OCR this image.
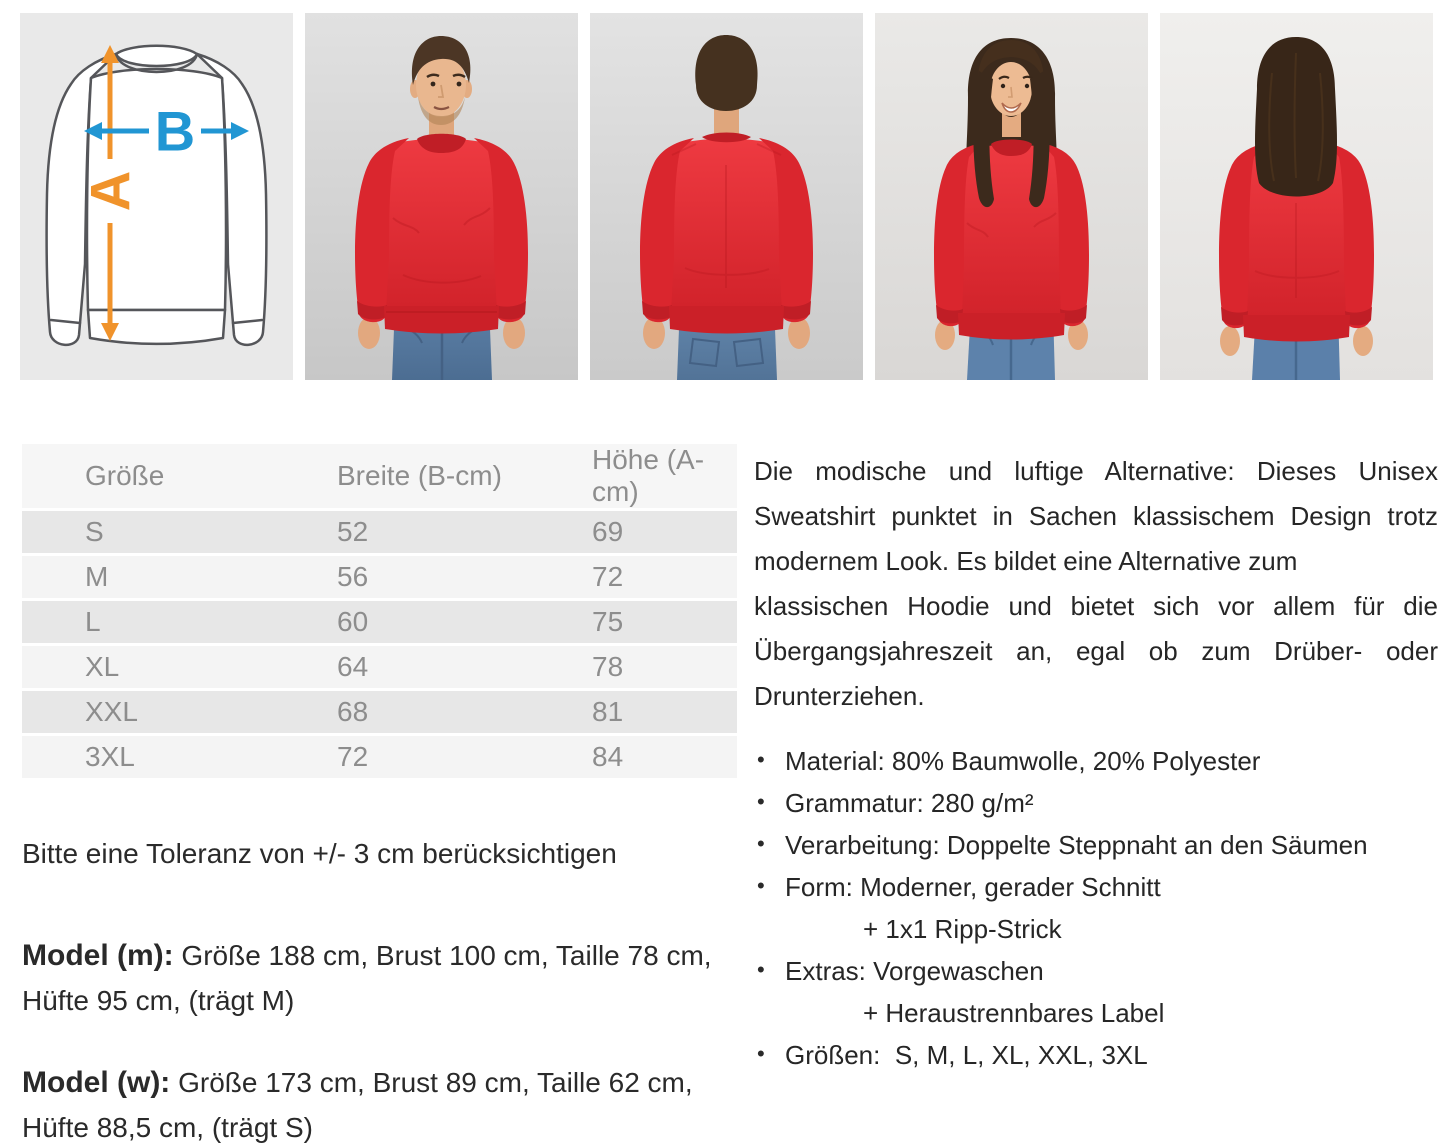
A
B
Größe	Breite (B-cm)	Höhe (A-cm)
S	52	69
M	56	72
L	60	75
XL	64	78
XXL	68	81
3XL	72	84

Bitte eine Toleranz von +/- 3 cm berücksichtigen

Model (m): Größe 188 cm, Brust 100 cm, Taille 78 cm, Hüfte 95 cm, (trägt M)

Model (w): Größe 173 cm, Brust 89 cm, Taille 62 cm, Hüfte 88,5 cm, (trägt S)

Die modische und luftige Alternative: Dieses Unisex
Sweatshirt punktet in Sachen klassischem Design trotz
modernem Look. Es bildet eine Alternative zum
klassischen Hoodie und bietet sich vor allem für die
Übergangsjahreszeit an, egal ob zum Drüber- oder
Drunterziehen.
• Material: 80% Baumwolle, 20% Polyester
• Grammatur: 280 g/m²
• Verarbeitung: Doppelte Steppnaht an den Säumen
• Form: Moderner, gerader Schnitt
+ 1x1 Ripp-Strick
• Extras: Vorgewaschen
+ Heraustrennbares Label
• Größen:  S, M, L, XL, XXL, 3XL
